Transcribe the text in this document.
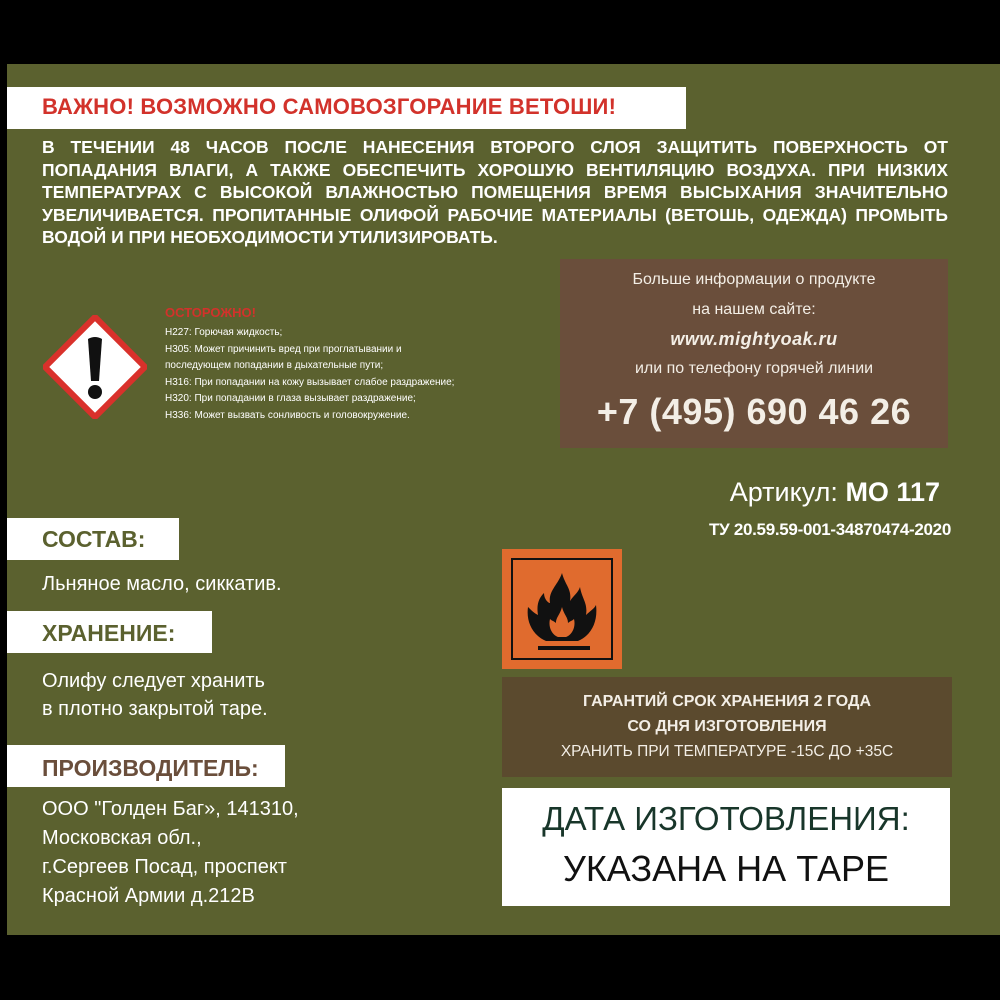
ВАЖНО! ВОЗМОЖНО САМОВОЗГОРАНИЕ ВЕТОШИ!
В ТЕЧЕНИИ 48 ЧАСОВ ПОСЛЕ НАНЕСЕНИЯ ВТОРОГО СЛОЯ ЗАЩИТИТЬ ПОВЕРХНОСТЬ ОТ ПОПАДАНИЯ ВЛАГИ, А ТАКЖЕ ОБЕСПЕЧИТЬ ХОРОШУЮ ВЕНТИЛЯЦИЮ ВОЗДУХА. ПРИ НИЗКИХ ТЕМПЕРАТУРАХ С ВЫСОКОЙ ВЛАЖНОСТЬЮ ПОМЕЩЕНИЯ ВРЕМЯ ВЫСЫХАНИЯ ЗНАЧИТЕЛЬНО УВЕЛИЧИВАЕТСЯ. ПРОПИТАННЫЕ ОЛИФОЙ РАБОЧИЕ МАТЕРИАЛЫ (ВЕТОШЬ, ОДЕЖДА) ПРОМЫТЬ ВОДОЙ И ПРИ НЕОБХОДИМОСТИ УТИЛИЗИРОВАТЬ.
ОСТОРОЖНО!
H227: Горючая жидкость;
H305: Может причинить вред при проглатывании и
последующем попадании в дыхательные пути;
H316: При попадании на кожу вызывает слабое раздражение;
H320: При попадании в глаза вызывает раздражение;
H336: Может вызвать сонливость и головокружение.
Больше информации о продукте
на нашем сайте:
www.mightyoak.ru
или по телефону горячей линии
+7 (495) 690 46 26
Артикул: МО 117
ТУ 20.59.59-001-34870474-2020
СОСТАВ:
Льняное масло, сиккатив.
ХРАНЕНИЕ:
Олифу следует хранить
в плотно закрытой таре.
ПРОИЗВОДИТЕЛЬ:
ООО "Голден Баг», 141310,
Московская обл.,
г.Сергеев Посад, проспект
Красной Армии д.212В
ГАРАНТИЙ СРОК ХРАНЕНИЯ 2 ГОДА
СО ДНЯ ИЗГОТОВЛЕНИЯ
ХРАНИТЬ ПРИ ТЕМПЕРАТУРЕ -15С ДО +35С
ДАТА ИЗГОТОВЛЕНИЯ:
УКАЗАНА НА ТАРЕ
